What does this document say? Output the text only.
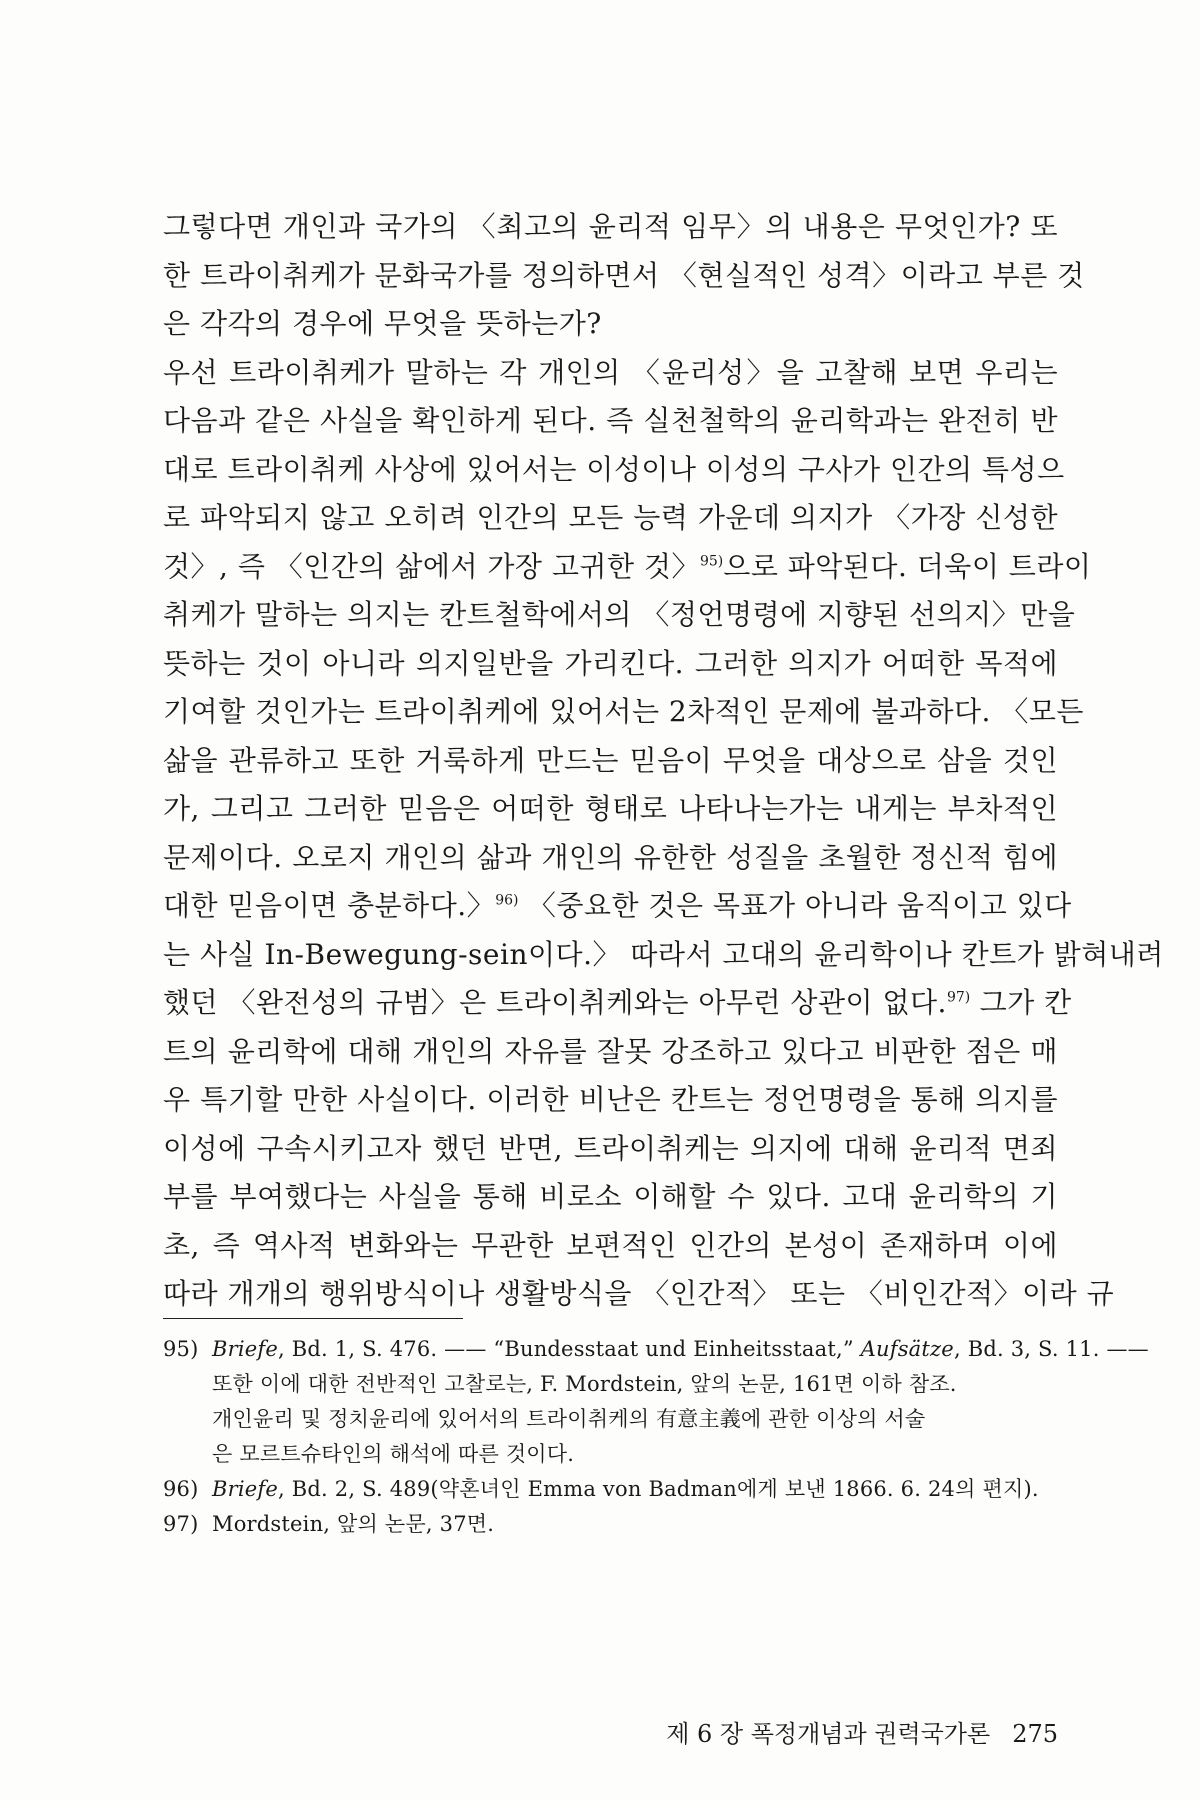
그렇다면 개인과 국가의 〈최고의 윤리적 임무〉의 내용은 무엇인가? 또
한 트라이취케가 문화국가를 정의하면서 〈현실적인 성격〉이라고 부른 것
은 각각의 경우에 무엇을 뜻하는가?
우선 트라이취케가 말하는 각 개인의 〈윤리성〉을 고찰해 보면 우리는
다음과 같은 사실을 확인하게 된다. 즉 실천철학의 윤리학과는 완전히 반
대로 트라이취케 사상에 있어서는 이성이나 이성의 구사가 인간의 특성으
로 파악되지 않고 오히려 인간의 모든 능력 가운데 의지가 〈가장 신성한
것〉, 즉 〈인간의 삶에서 가장 고귀한 것〉$^{95)}$으로 파악된다. 더욱이 트라이
취케가 말하는 의지는 칸트철학에서의 〈정언명령에 지향된 선의지〉만을
뜻하는 것이 아니라 의지일반을 가리킨다. 그러한 의지가 어떠한 목적에
기여할 것인가는 트라이취케에 있어서는 2차적인 문제에 불과하다. 〈모든
삶을 관류하고 또한 거룩하게 만드는 믿음이 무엇을 대상으로 삼을 것인
가, 그리고 그러한 믿음은 어떠한 형태로 나타나는가는 내게는 부차적인
문제이다. 오로지 개인의 삶과 개인의 유한한 성질을 초월한 정신적 힘에
대한 믿음이면 충분하다.〉$^{96)}$ 〈중요한 것은 목표가 아니라 움직이고 있다
는 사실 In-Bewegung-sein이다.〉 따라서 고대의 윤리학이나 칸트가 밝혀내려
했던 〈완전성의 규범〉은 트라이취케와는 아무런 상관이 없다.$^{97)}$ 그가 칸
트의 윤리학에 대해 개인의 자유를 잘못 강조하고 있다고 비판한 점은 매
우 특기할 만한 사실이다. 이러한 비난은 칸트는 정언명령을 통해 의지를
이성에 구속시키고자 했던 반면, 트라이취케는 의지에 대해 윤리적 면죄
부를 부여했다는 사실을 통해 비로소 이해할 수 있다. 고대 윤리학의 기
초, 즉 역사적 변화와는 무관한 보편적인 인간의 본성이 존재하며 이에
따라 개개의 행위방식이나 생활방식을 〈인간적〉 또는 〈비인간적〉이라 규
95) Briefe, Bd. 1, S. 476. —— “Bundesstaat und Einheitsstaat,” Aufsätze, Bd. 3, S. 11. ——
또한 이에 대한 전반적인 고찰로는, F. Mordstein, 앞의 논문, 161면 이하 참조.
개인윤리 및 정치윤리에 있어서의 트라이취케의 有意主義에 관한 이상의 서술
은 모르트슈타인의 해석에 따른 것이다.
96) Briefe, Bd. 2, S. 489(약혼녀인 Emma von Badman에게 보낸 1866. 6. 24의 편지).
97) Mordstein, 앞의 논문, 37면.
제 6 장 폭정개념과 권력국가론 275
